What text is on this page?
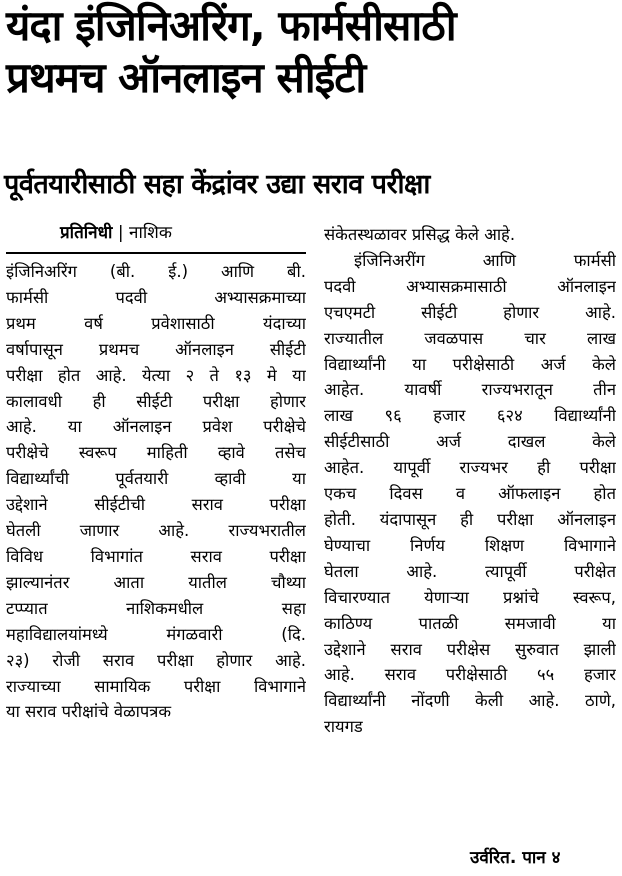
यंदा इंजिनिअरिंग, फार्मसीसाठी
प्रथमच ऑनलाइन सीईटी
पूर्वतयारीसाठी सहा केंद्रांवर उद्या सराव परीक्षा
प्रतिनिधी | नाशिक
इंजिनिअरिंग (बी. ई.) आणि बी.
फार्मसी पदवी अभ्यासक्रमाच्या
प्रथम वर्ष प्रवेशासाठी यंदाच्या
वर्षापासून प्रथमच ऑनलाइन सीईटी
परीक्षा होत आहे. येत्या २ ते १३ मे या
कालावधी ही सीईटी परीक्षा होणार
आहे. या ऑनलाइन प्रवेश परीक्षेचे
परीक्षेचे स्वरूप माहिती व्हावे तसेच
विद्यार्थ्यांची पूर्वतयारी व्हावी या
उद्देशाने सीईटीची सराव परीक्षा
घेतली जाणार आहे. राज्यभरातील
विविध विभागांत सराव परीक्षा
झाल्यानंतर आता यातील चौथ्या
टप्प्यात नाशिकमधील सहा
महाविद्यालयांमध्ये मंगळवारी (दि.
२३) रोजी सराव परीक्षा होणार आहे.
राज्याच्या सामायिक परीक्षा विभागाने
या सराव परीक्षांचे वेळापत्रक
संकेतस्थळावर प्रसिद्ध केले आहे.
इंजिनिअरींग आणि फार्मसी
पदवी अभ्यासक्रमासाठी ऑनलाइन
एचएमटी सीईटी होणार आहे.
राज्यातील जवळपास चार लाख
विद्यार्थ्यांनी या परीक्षेसाठी अर्ज केले
आहेत. यावर्षी राज्यभरातून तीन
लाख ९६ हजार ६२४ विद्यार्थ्यांनी
सीईटीसाठी अर्ज दाखल केले
आहेत. यापूर्वी राज्यभर ही परीक्षा
एकच दिवस व ऑफलाइन होत
होती. यंदापासून ही परीक्षा ऑनलाइन
घेण्याचा निर्णय शिक्षण विभागाने
घेतला आहे. त्यापूर्वी परीक्षेत
विचारण्यात येणाऱ्या प्रश्नांचे स्वरूप,
काठिण्य पातळी समजावी या
उद्देशाने सराव परीक्षेस सुरुवात झाली
आहे. सराव परीक्षेसाठी ५५ हजार
विद्यार्थ्यांनी नोंदणी केली आहे. ठाणे,
रायगड
उर्वरित. पान ४
